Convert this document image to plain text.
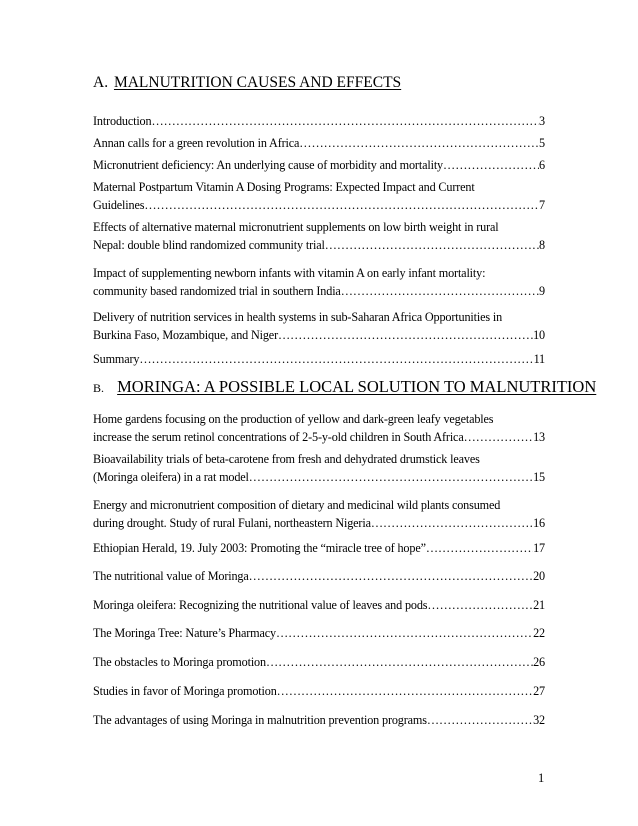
A. MALNUTRITION CAUSES AND EFFECTS
Introduction …………………………………………………………………………………………………………………………………………………………………………	3
Annan calls for a green revolution in Africa …………………………………………………………………………………………………………………………………………………………………………	5
Micronutrient deficiency: An underlying cause of morbidity and mortality …………………………………………………………………………………………………………………………………………………………………………	6
Maternal Postpartum Vitamin A Dosing Programs: Expected Impact and Current
Guidelines …………………………………………………………………………………………………………………………………………………………………………	7
Effects of alternative maternal micronutrient supplements on low birth weight in rural
Nepal: double blind randomized community trial …………………………………………………………………………………………………………………………………………………………………………	8
Impact of supplementing newborn infants with vitamin A on early infant mortality:
community based randomized trial in southern India …………………………………………………………………………………………………………………………………………………………………………	9
Delivery of nutrition services in health systems in sub-Saharan Africa Opportunities in
Burkina Faso, Mozambique, and Niger …………………………………………………………………………………………………………………………………………………………………………	10
Summary …………………………………………………………………………………………………………………………………………………………………………	11
B. MORINGA: A POSSIBLE LOCAL SOLUTION TO MALNUTRITION
Home gardens focusing on the production of yellow and dark-green leafy vegetables
increase the serum retinol concentrations of 2-5-y-old children in South Africa …………………………………………………………………………………………………………………………………………………………………………	13
Bioavailability trials of beta-carotene from fresh and dehydrated drumstick leaves
(Moringa oleifera) in a rat model …………………………………………………………………………………………………………………………………………………………………………	15
Energy and micronutrient composition of dietary and medicinal wild plants consumed
during drought. Study of rural Fulani, northeastern Nigeria …………………………………………………………………………………………………………………………………………………………………………	16
Ethiopian Herald, 19. July 2003: Promoting the “miracle tree of hope” …………………………………………………………………………………………………………………………………………………………………………	17
The nutritional value of Moringa …………………………………………………………………………………………………………………………………………………………………………	20
Moringa oleifera: Recognizing the nutritional value of leaves and pods …………………………………………………………………………………………………………………………………………………………………………	21
The Moringa Tree: Nature’s Pharmacy …………………………………………………………………………………………………………………………………………………………………………	22
The obstacles to Moringa promotion …………………………………………………………………………………………………………………………………………………………………………	26
Studies in favor of Moringa promotion …………………………………………………………………………………………………………………………………………………………………………	27
The advantages of using Moringa in malnutrition prevention programs …………………………………………………………………………………………………………………………………………………………………………	32
1
